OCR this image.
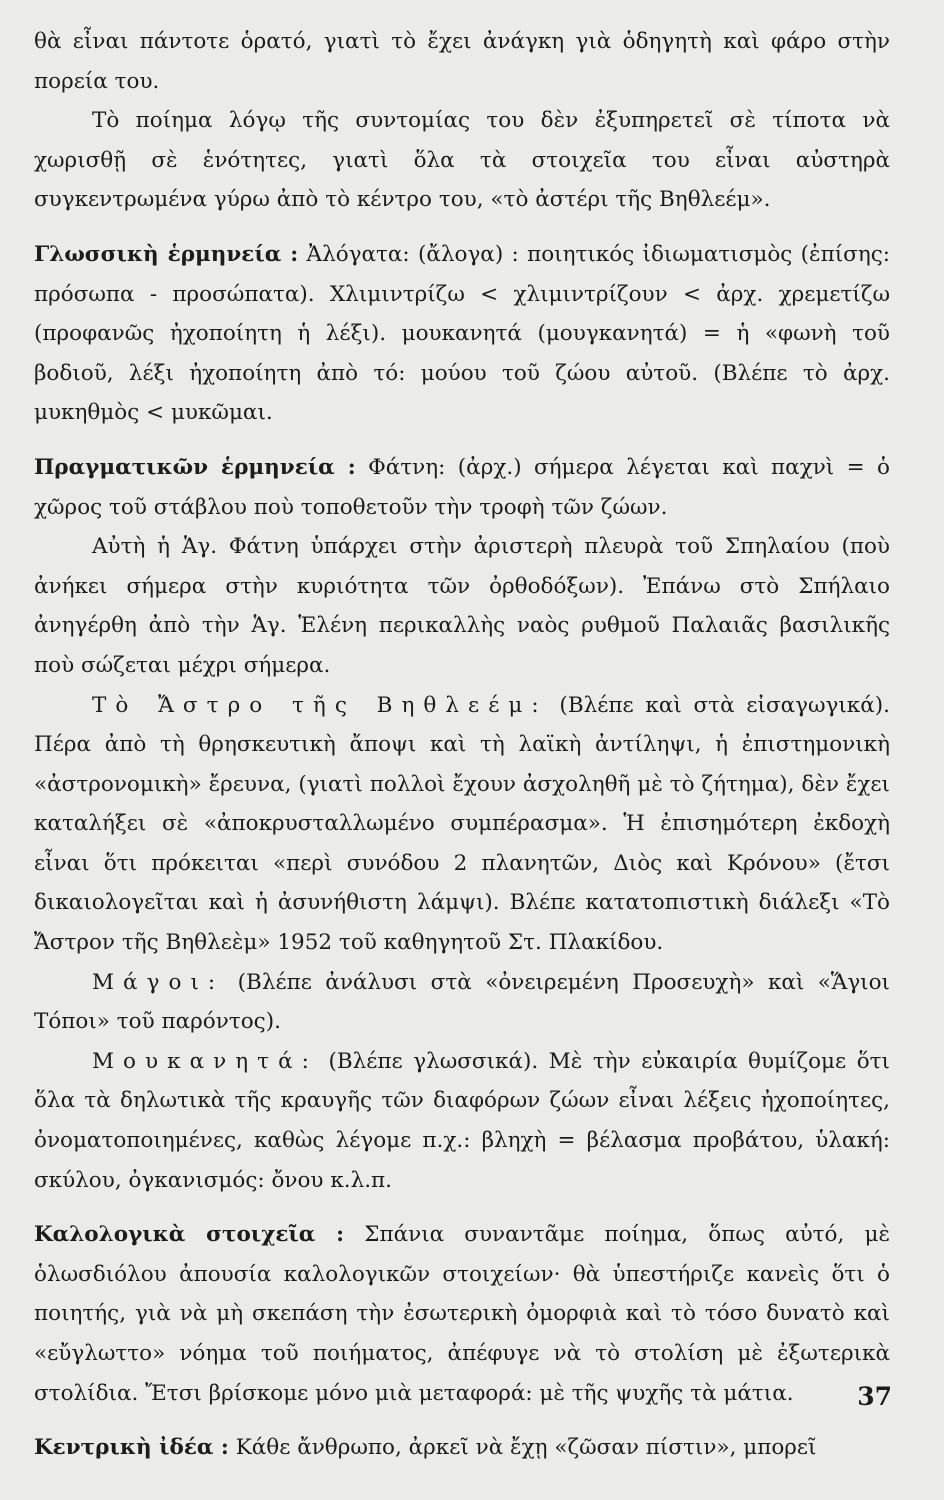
θὰ εἶναι πάντοτε ὁρατό, γιατὶ τὸ ἔχει ἀνάγκη γιὰ ὁδηγητὴ καὶ φάρο στὴν πορεία του.

Τὸ ποίημα λόγῳ τῆς συντομίας του δὲν ἐξυπηρετεῖ σὲ τίποτα νὰ χωρισθῇ σὲ ἑνότητες, γιατὶ ὅλα τὰ στοιχεῖα του εἶναι αὐστηρὰ συγκεντρωμένα γύρω ἀπὸ τὸ κέντρο του, «τὸ ἀστέρι τῆς Βηθλεέμ».

Γλωσσικὴ ἑρμηνεία : Ἀλόγατα: (ἄλογα) : ποιητικός ἰδιωματισμὸς (ἐπίσης: πρόσωπα - προσώπατα). Χλιμιντρίζω < χλιμιντρίζουν < ἀρχ. χρεμετίζω (προφανῶς ἠχοποίητη ἡ λέξι). μουκανητά (μουγκανητά) = ἡ «φωνὴ τοῦ βοδιοῦ, λέξι ἠχοποίητη ἀπὸ τό: μούου τοῦ ζώου αὐτοῦ. (Βλέπε τὸ ἀρχ. μυκηθμὸς < μυκῶμαι.

Πραγματικῶν ἑρμηνεία : Φάτνη: (ἀρχ.) σήμερα λέγεται καὶ παχνὶ = ὁ χῶρος τοῦ στάβλου ποὺ τοποθετοῦν τὴν τροφὴ τῶν ζώων.

Αὐτὴ ἡ Ἁγ. Φάτνη ὑπάρχει στὴν ἀριστερὴ πλευρὰ τοῦ Σπηλαίου (ποὺ ἀνήκει σήμερα στὴν κυριότητα τῶν ὀρθοδόξων). Ἐπάνω στὸ Σπήλαιο ἀνηγέρθη ἀπὸ τὴν Ἁγ. Ἑλένη περικαλλὴς ναὸς ρυθμοῦ Παλαιᾶς βασιλικῆς ποὺ σώζεται μέχρι σήμερα.

Τὸ Ἄστρο τῆς Βηθλεέμ: (Βλέπε καὶ στὰ εἰσαγωγικά). Πέρα ἀπὸ τὴ θρησκευτικὴ ἄποψι καὶ τὴ λαϊκὴ ἀντίληψι, ἡ ἐπιστημονικὴ «ἀστρονομικὴ» ἔρευνα, (γιατὶ πολλοὶ ἔχουν ἀσχοληθῆ μὲ τὸ ζήτημα), δὲν ἔχει καταλήξει σὲ «ἀποκρυσταλλωμένο συμπέρασμα». Ἡ ἐπισημότερη ἐκδοχὴ εἶναι ὅτι πρόκειται «περὶ συνόδου 2 πλανητῶν, Διὸς καὶ Κρόνου» (ἔτσι δικαιολογεῖται καὶ ἡ ἀσυνήθιστη λάμψι). Βλέπε κατατοπιστικὴ διάλεξι «Τὸ Ἄστρον τῆς Βηθλεὲμ» 1952 τοῦ καθηγητοῦ Στ. Πλακίδου.

Μάγοι: (Βλέπε ἀνάλυσι στὰ «ὀνειρεμένη Προσευχὴ» καὶ «Ἅγιοι Τόποι» τοῦ παρόντος).

Μουκανητά: (Βλέπε γλωσσικά). Μὲ τὴν εὐκαιρία θυμίζομε ὅτι ὅλα τὰ δηλωτικὰ τῆς κραυγῆς τῶν διαφόρων ζώων εἶναι λέξεις ἠχοποίητες, ὀνοματοποιημένες, καθὼς λέγομε π.χ.: βληχὴ = βέλασμα προβάτου, ὑλακή: σκύλου, ὀγκανισμός: ὄνου κ.λ.π.

Καλολογικὰ στοιχεῖα : Σπάνια συναντᾶμε ποίημα, ὅπως αὐτό, μὲ ὁλωσδιόλου ἀπουσία καλολογικῶν στοιχείων· θὰ ὑπεστήριζε κανεὶς ὅτι ὁ ποιητής, γιὰ νὰ μὴ σκεπάση τὴν ἐσωτερικὴ ὀμορφιὰ καὶ τὸ τόσο δυνατὸ καὶ «εὔγλωττο» νόημα τοῦ ποιήματος, ἀπέφυγε νὰ τὸ στολίση μὲ ἐξωτερικὰ στολίδια. Ἔτσι βρίσκομε μόνο μιὰ μεταφορά: μὲ τῆς ψυχῆς τὰ μάτια.

Κεντρικὴ ἰδέα : Κάθε ἄνθρωπο, ἀρκεῖ νὰ ἔχῃ «ζῶσαν πίστιν», μπορεῖ

37
